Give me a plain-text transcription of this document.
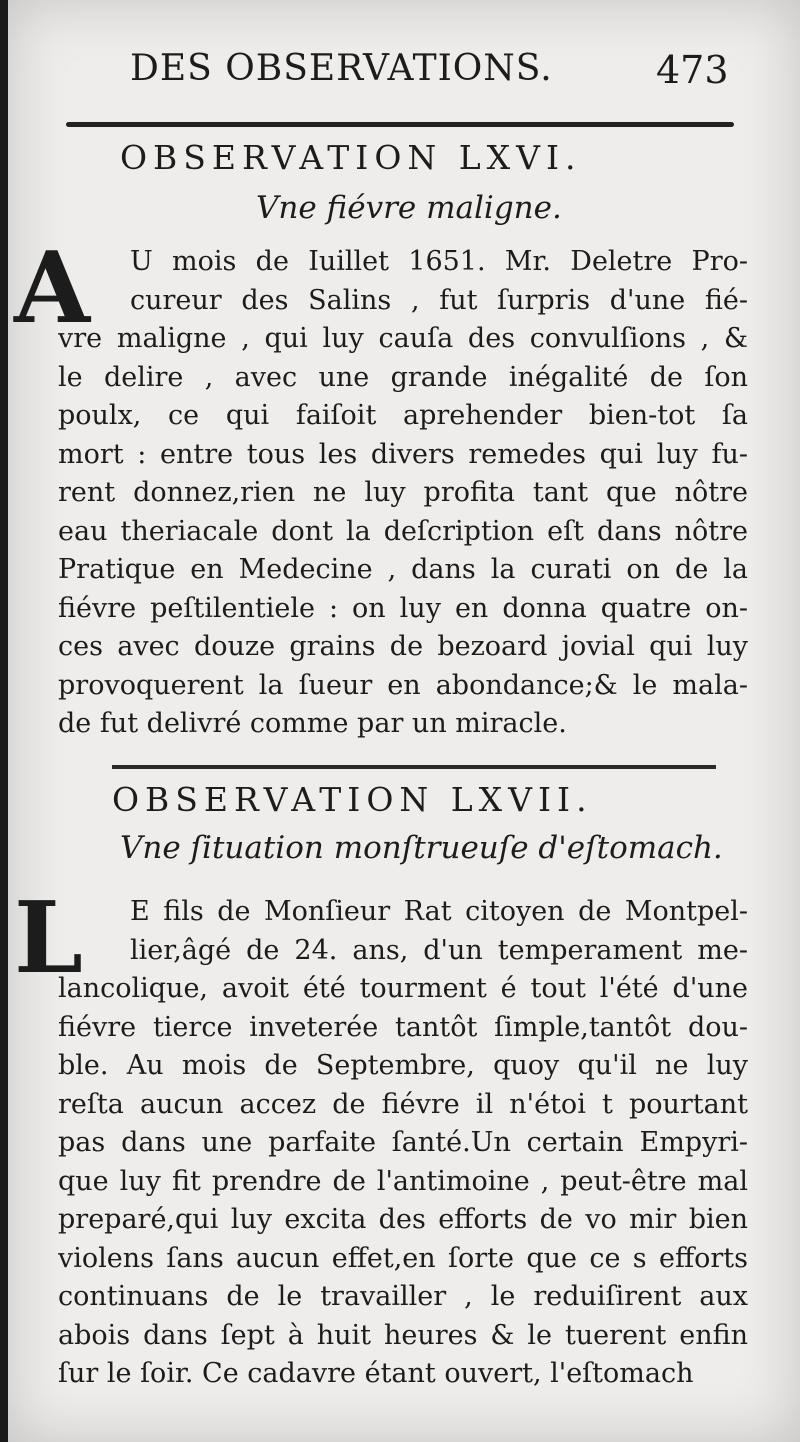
DES OBSERVATIONS.	473
OBSERVATION LXVI.
Vne fiévre maligne.
A	U mois de Iuillet 1651. Mr. Deletre Pro-
cureur des Salins , fut ſurpris d'une fié-
vre maligne , qui luy cauſa des convulſions , &
le delire , avec une grande inégalité de ſon
poulx, ce qui faiſoit aprehender bien-tot ſa
mort : entre tous les divers remedes qui luy fu-
rent donnez,rien ne luy profita tant que nôtre
eau theriacale dont la deſcription eſt dans nôtre
Pratique en Medecine , dans la curati on de la
fiévre peſtilentiele : on luy en donna quatre on-
ces avec douze grains de bezoard jovial qui luy
provoquerent la ſueur en abondance;& le mala-
de fut delivré comme par un miracle.
OBSERVATION LXVII.
Vne ſituation monſtrueuſe d'eſtomach.
L	E fils de Monſieur Rat citoyen de Montpel-
lier,âgé de 24. ans, d'un temperament me-
lancolique, avoit été tourment é tout l'été d'une
fiévre tierce inveterée tantôt ſimple,tantôt dou-
ble. Au mois de Septembre, quoy qu'il ne luy
reſta aucun accez de fiévre il n'étoi t pourtant
pas dans une parfaite ſanté.Un certain Empyri-
que luy fit prendre de l'antimoine , peut-être mal
preparé,qui luy excita des efforts de vo mir bien
violens ſans aucun effet,en ſorte que ce s efforts
continuans de le travailler , le reduiſirent aux
abois dans ſept à huit heures & le tuerent enfin
ſur le ſoir. Ce cadavre étant ouvert, l'eſtomach
